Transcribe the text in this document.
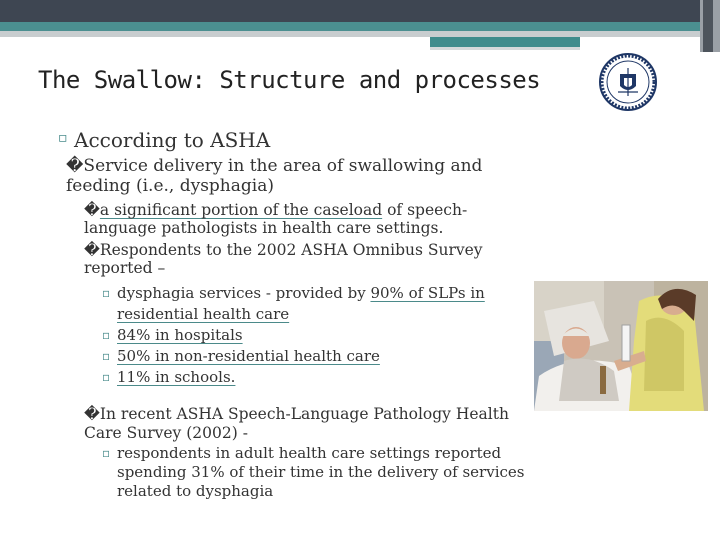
The Swallow: Structure and processes
▫ According to ASHA
�Service delivery in the area of swallowing and feeding (i.e., dysphagia)
�a significant portion of the caseload of speech-language pathologists in health care settings.
�Respondents to the 2002 ASHA Omnibus Survey reported –
▫ dysphagia services - provided by 90% of SLPs in residential health care
▫ 84% in hospitals
▫ 50% in non-residential health care
▫ 11% in schools.
�In recent ASHA Speech-Language Pathology Health Care Survey (2002) -
▫ respondents in adult health care settings reported spending 31% of their time in the delivery of services related to dysphagia
